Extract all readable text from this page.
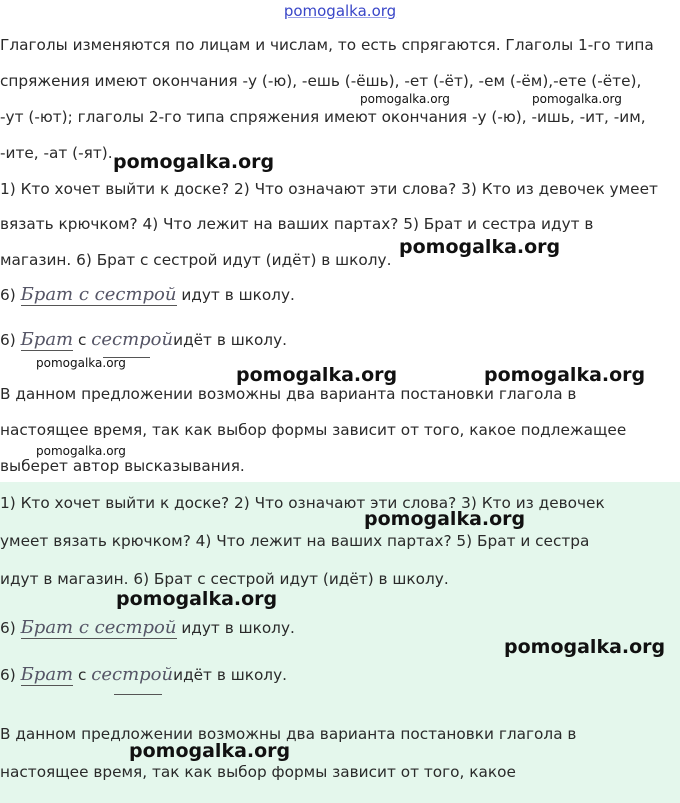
pomogalka.org
Глаголы изменяются по лицам и числам, то есть спрягаются. Глаголы 1-го типа
спряжения имеют окончания -у (-ю), -ешь (-ёшь), -ет (-ёт), -ем (-ём),-ете (-ёте),
-ут (-ют); глаголы 2-го типа спряжения имеют окончания -у (-ю), -ишь, -ит, -им,
-ите, -ат (-ят).
1) Кто хочет выйти к доске? 2) Что означают эти слова? 3) Кто из девочек умеет
вязать крючком? 4) Что лежит на ваших партах? 5) Брат и сестра идут в
магазин. 6) Брат с сестрой идут (идёт) в школу.
6) Брат с сестрой идут в школу.
6) Брат с сестройидёт в школу.
В данном предложении возможны два варианта постановки глагола в
настоящее время, так как выбор формы зависит от того, какое подлежащее
выберет автор высказывания.
1) Кто хочет выйти к доске? 2) Что означают эти слова? 3) Кто из девочек
умеет вязать крючком? 4) Что лежит на ваших партах? 5) Брат и сестра
идут в магазин. 6) Брат с сестрой идут (идёт) в школу.
6) Брат с сестрой идут в школу.
6) Брат с сестройидёт в школу.
В данном предложении возможны два варианта постановки глагола в
настоящее время, так как выбор формы зависит от того, какое
pomogalka.org
pomogalka.org
pomogalka.org	pomogalka.org
pomogalka.org
pomogalka.org	pomogalka.org
pomogalka.org
pomogalka.org
pomogalka.org
pomogalka.org
pomogalka.org
